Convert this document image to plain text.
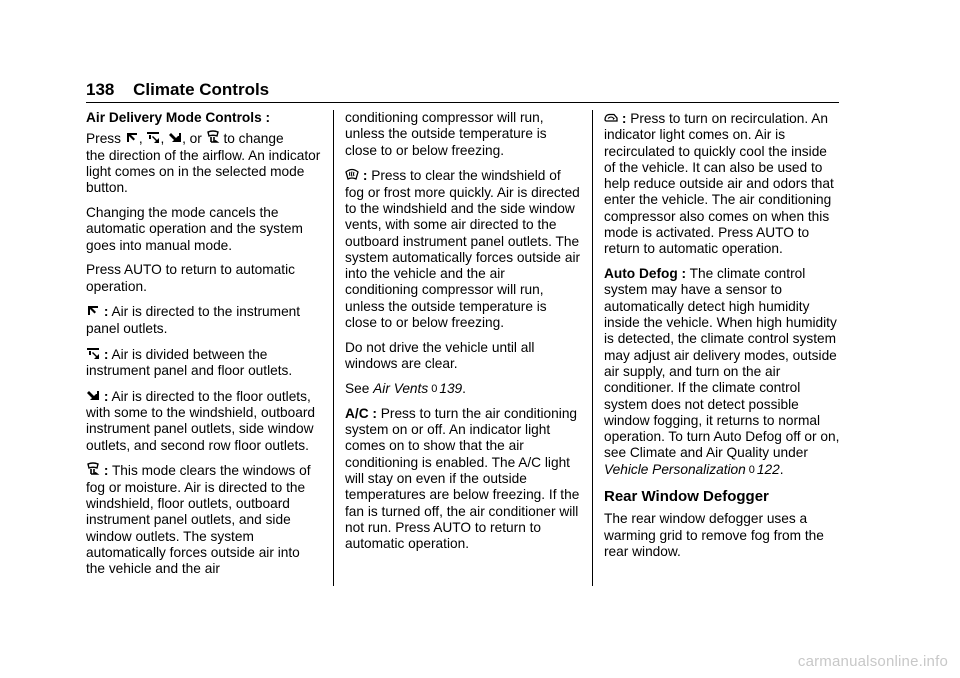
138 Climate Controls

Air Delivery Mode Controls :

Press , , , or to change
the direction of the airflow. An indicator light comes on in the selected mode button.

Changing the mode cancels the automatic operation and the system goes into manual mode.

Press AUTO to return to automatic operation.

: Air is directed to the instrument panel outlets.

: Air is divided between the instrument panel and floor outlets.

: Air is directed to the floor outlets, with some to the windshield, outboard instrument panel outlets, side window outlets, and second row floor outlets.

: This mode clears the windows of fog or moisture. Air is directed to the windshield, floor outlets, outboard instrument panel outlets, and side window outlets. The system automatically forces outside air into the vehicle and the air

conditioning compressor will run, unless the outside temperature is close to or below freezing.

: Press to clear the windshield of fog or frost more quickly. Air is directed to the windshield and the side window vents, with some air directed to the outboard instrument panel outlets. The system automatically forces outside air into the vehicle and the air conditioning compressor will run, unless the outside temperature is close to or below freezing.

Do not drive the vehicle until all windows are clear.

See Air Vents 0 139.

A/C : Press to turn the air conditioning system on or off. An indicator light comes on to show that the air conditioning is enabled. The A/C light will stay on even if the outside temperatures are below freezing. If the fan is turned off, the air conditioner will not run. Press AUTO to return to automatic operation.

: Press to turn on recirculation. An indicator light comes on. Air is recirculated to quickly cool the inside of the vehicle. It can also be used to help reduce outside air and odors that enter the vehicle. The air conditioning compressor also comes on when this mode is activated. Press AUTO to return to automatic operation.

Auto Defog : The climate control system may have a sensor to automatically detect high humidity inside the vehicle. When high humidity is detected, the climate control system may adjust air delivery modes, outside air supply, and turn on the air conditioner. If the climate control system does not detect possible window fogging, it returns to normal operation. To turn Auto Defog off or on, see Climate and Air Quality under Vehicle Personalization 0 122.

Rear Window Defogger

The rear window defogger uses a warming grid to remove fog from the rear window.

carmanualsonline.info
